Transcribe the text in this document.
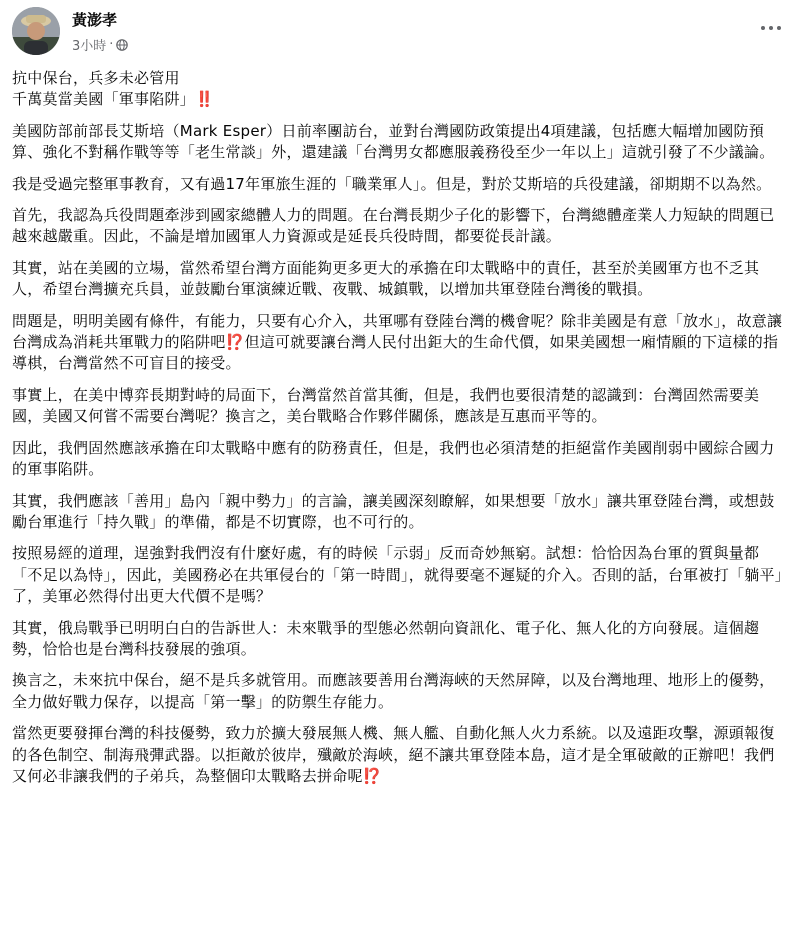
黃澎孝
3小時 ·

抗中保台，兵多未必管用
千萬莫當美國「軍事陷阱」‼️

美國防部前部長艾斯培（Mark Esper）日前率團訪台，並對台灣國防政策提出4項建議，包括應大幅增加國防預算、強化不對稱作戰等等「老生常談」外，還建議「台灣男女都應服義務役至少一年以上」這就引發了不少議論。

我是受過完整軍事教育，又有過17年軍旅生涯的「職業軍人」。但是，對於艾斯培的兵役建議，卻期期不以為然。

首先，我認為兵役問題牽涉到國家總體人力的問題。在台灣長期少子化的影響下，台灣總體產業人力短缺的問題已越來越嚴重。因此，不論是增加國軍人力資源或是延長兵役時間，都要從長計議。

其實，站在美國的立場，當然希望台灣方面能夠更多更大的承擔在印太戰略中的責任，甚至於美國軍方也不乏其人，希望台灣擴充兵員，並鼓勵台軍演練近戰、夜戰、城鎮戰，以增加共軍登陸台灣後的戰損。

問題是，明明美國有條件，有能力，只要有心介入，共軍哪有登陸台灣的機會呢？除非美國是有意「放水」，故意讓台灣成為消耗共軍戰力的陷阱吧⁉️但這可就要讓台灣人民付出鉅大的生命代價，如果美國想一廂情願的下這樣的指導棋，台灣當然不可盲目的接受。

事實上，在美中博弈長期對峙的局面下，台灣當然首當其衝，但是，我們也要很清楚的認識到：台灣固然需要美國，美國又何嘗不需要台灣呢？換言之，美台戰略合作夥伴關係，應該是互惠而平等的。

因此，我們固然應該承擔在印太戰略中應有的防務責任，但是，我們也必須清楚的拒絕當作美國削弱中國綜合國力的軍事陷阱。

其實，我們應該「善用」島內「親中勢力」的言論，讓美國深刻瞭解，如果想要「放水」讓共軍登陸台灣，或想鼓勵台軍進行「持久戰」的準備，都是不切實際，也不可行的。

按照易經的道理，逞強對我們沒有什麼好處，有的時候「示弱」反而奇妙無窮。試想：恰恰因為台軍的質與量都「不足以為恃」，因此，美國務必在共軍侵台的「第一時間」，就得要毫不遲疑的介入。否則的話，台軍被打「躺平」了，美軍必然得付出更大代價不是嗎？

其實，俄烏戰爭已明明白白的告訴世人：未來戰爭的型態必然朝向資訊化、電子化、無人化的方向發展。這個趨勢，恰恰也是台灣科技發展的強項。

換言之，未來抗中保台，絕不是兵多就管用。而應該要善用台灣海峽的天然屏障，以及台灣地理、地形上的優勢，全力做好戰力保存，以提高「第一擊」的防禦生存能力。

當然更要發揮台灣的科技優勢，致力於擴大發展無人機、無人艦、自動化無人火力系統。以及遠距攻擊，源頭報復的各色制空、制海飛彈武器。以拒敵於彼岸，殲敵於海峽，絕不讓共軍登陸本島，這才是全軍破敵的正辦吧！我們又何必非讓我們的子弟兵，為整個印太戰略去拼命呢⁉️
